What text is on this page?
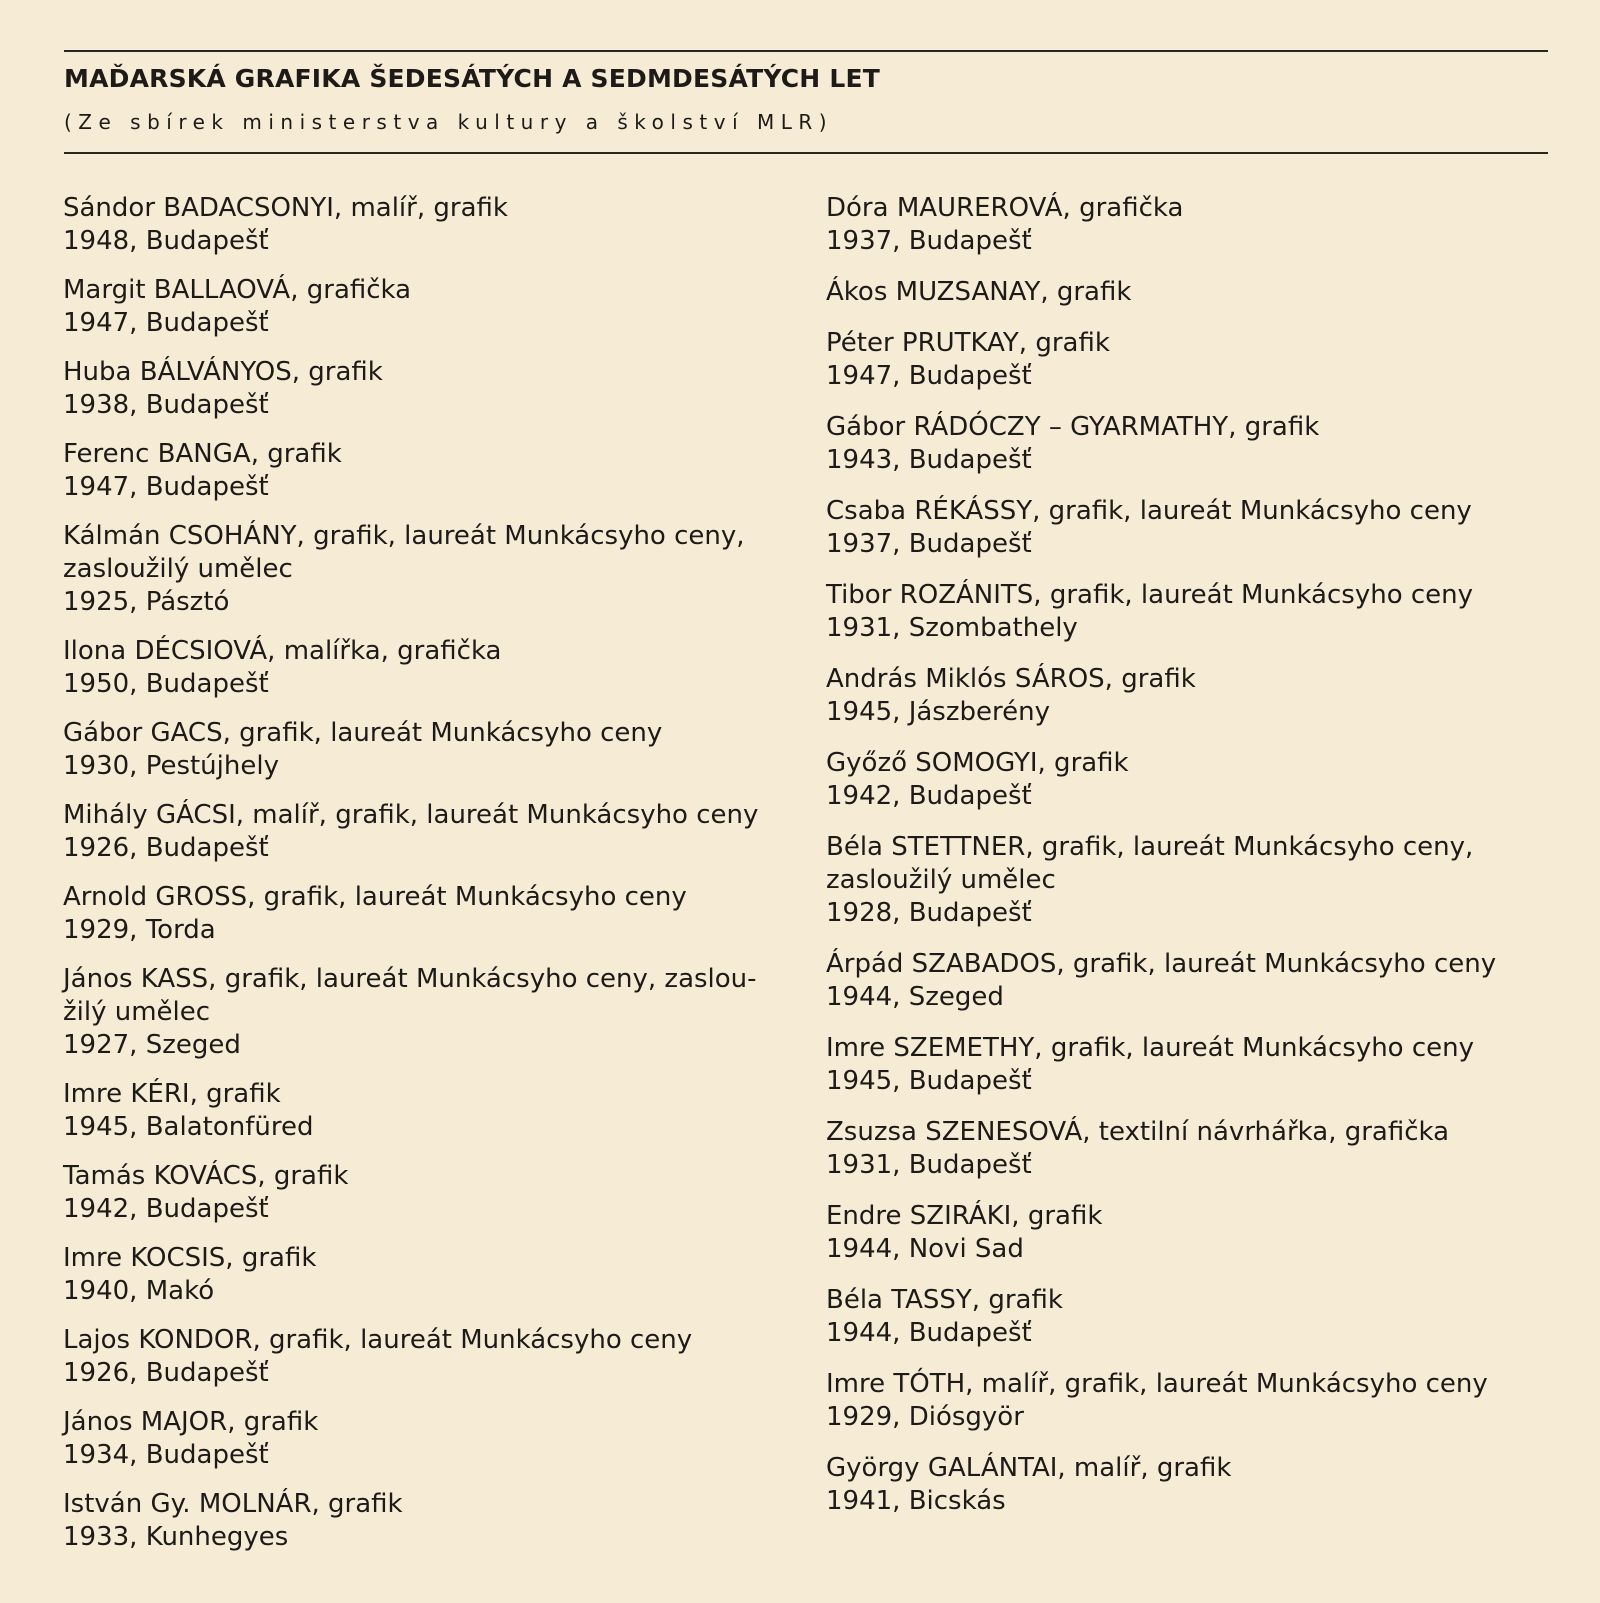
MAĎARSKÁ GRAFIKA ŠEDESÁTÝCH A SEDMDESÁTÝCH LET
(Ze sbírek ministerstva kultury a školství MLR)
Sándor BADACSONYI, malíř, grafik
1948, Budapešť
Margit BALLAOVÁ, grafička
1947, Budapešť
Huba BÁLVÁNYOS, grafik
1938, Budapešť
Ferenc BANGA, grafik
1947, Budapešť
Kálmán CSOHÁNY, grafik, laureát Munkácsyho ceny,
zasloužilý umělec
1925, Pásztó
Ilona DÉCSIOVÁ, malířka, grafička
1950, Budapešť
Gábor GACS, grafik, laureát Munkácsyho ceny
1930, Pestújhely
Mihály GÁCSI, malíř, grafik, laureát Munkácsyho ceny
1926, Budapešť
Arnold GROSS, grafik, laureát Munkácsyho ceny
1929, Torda
János KASS, grafik, laureát Munkácsyho ceny, zaslou-
žilý umělec
1927, Szeged
Imre KÉRI, grafik
1945, Balatonfüred
Tamás KOVÁCS, grafik
1942, Budapešť
Imre KOCSIS, grafik
1940, Makó
Lajos KONDOR, grafik, laureát Munkácsyho ceny
1926, Budapešť
János MAJOR, grafik
1934, Budapešť
István Gy. MOLNÁR, grafik
1933, Kunhegyes
Dóra MAUREROVÁ, grafička
1937, Budapešť
Ákos MUZSANAY, grafik
Péter PRUTKAY, grafik
1947, Budapešť
Gábor RÁDÓCZY – GYARMATHY, grafik
1943, Budapešť
Csaba RÉKÁSSY, grafik, laureát Munkácsyho ceny
1937, Budapešť
Tibor ROZÁNITS, grafik, laureát Munkácsyho ceny
1931, Szombathely
András Miklós SÁROS, grafik
1945, Jászberény
Győző SOMOGYI, grafik
1942, Budapešť
Béla STETTNER, grafik, laureát Munkácsyho ceny,
zasloužilý umělec
1928, Budapešť
Árpád SZABADOS, grafik, laureát Munkácsyho ceny
1944, Szeged
Imre SZEMETHY, grafik, laureát Munkácsyho ceny
1945, Budapešť
Zsuzsa SZENESOVÁ, textilní návrhářka, grafička
1931, Budapešť
Endre SZIRÁKI, grafik
1944, Novi Sad
Béla TASSY, grafik
1944, Budapešť
Imre TÓTH, malíř, grafik, laureát Munkácsyho ceny
1929, Diósgyör
György GALÁNTAI, malíř, grafik
1941, Bicskás
